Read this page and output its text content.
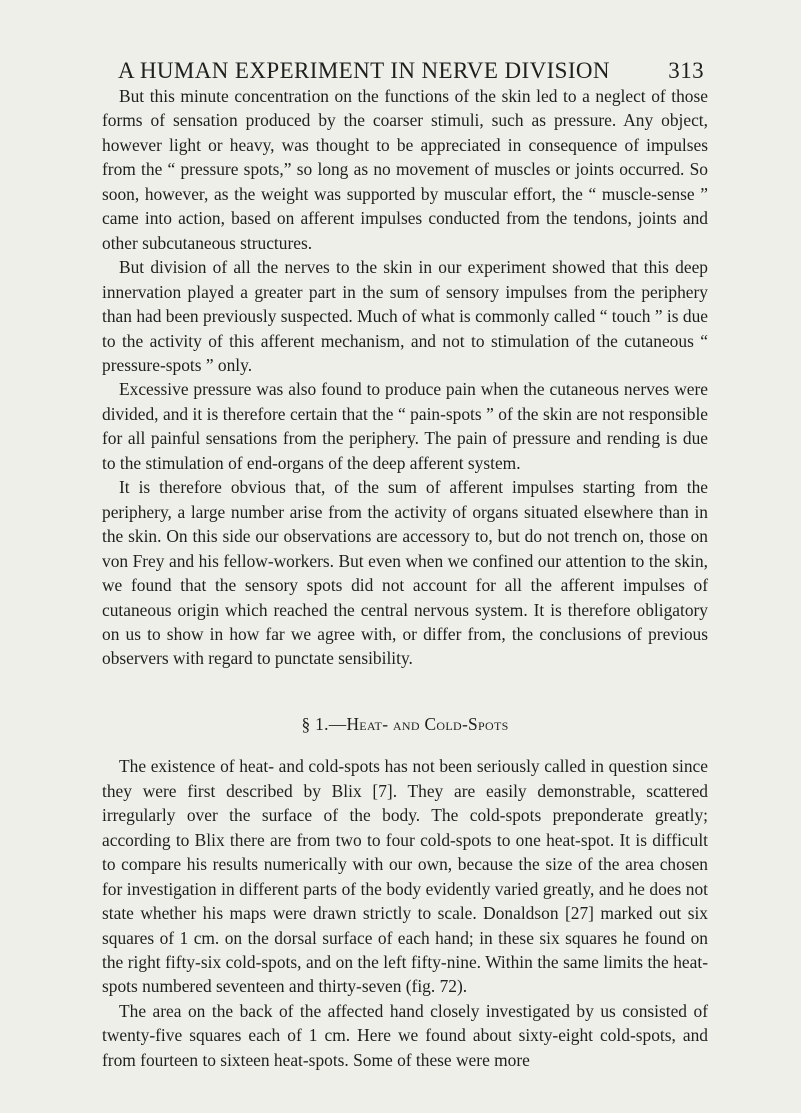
A HUMAN EXPERIMENT IN NERVE DIVISION	313

But this minute concentration on the functions of the skin led to a neglect of those forms of sensation produced by the coarser stimuli, such as pressure. Any object, however light or heavy, was thought to be appreciated in consequence of impulses from the “ pressure spots,” so long as no movement of muscles or joints occurred. So soon, however, as the weight was supported by muscular effort, the “ muscle-sense ” came into action, based on afferent impulses conducted from the tendons, joints and other subcutaneous structures.

But division of all the nerves to the skin in our experiment showed that this deep innervation played a greater part in the sum of sensory impulses from the periphery than had been previously suspected. Much of what is commonly called “ touch ” is due to the activity of this afferent mechanism, and not to stimulation of the cutaneous “ pressure-spots ” only.

Excessive pressure was also found to produce pain when the cutaneous nerves were divided, and it is therefore certain that the “ pain-spots ” of the skin are not responsible for all painful sensations from the periphery. The pain of pressure and rending is due to the stimulation of end-organs of the deep afferent system.

It is therefore obvious that, of the sum of afferent impulses starting from the periphery, a large number arise from the activity of organs situated elsewhere than in the skin. On this side our observations are accessory to, but do not trench on, those on von Frey and his fellow-workers. But even when we confined our attention to the skin, we found that the sensory spots did not account for all the afferent impulses of cutaneous origin which reached the central nervous system. It is therefore obligatory on us to show in how far we agree with, or differ from, the conclusions of previous observers with regard to punctate sensibility.

§ 1.—Heat- and Cold-Spots

The existence of heat- and cold-spots has not been seriously called in question since they were first described by Blix [7]. They are easily demonstrable, scattered irregularly over the surface of the body. The cold-spots preponderate greatly; according to Blix there are from two to four cold-spots to one heat-spot. It is difficult to compare his results numerically with our own, because the size of the area chosen for investigation in different parts of the body evidently varied greatly, and he does not state whether his maps were drawn strictly to scale. Donaldson [27] marked out six squares of 1 cm. on the dorsal surface of each hand; in these six squares he found on the right fifty-six cold-spots, and on the left fifty-nine. Within the same limits the heat-spots numbered seventeen and thirty-seven (fig. 72).

The area on the back of the affected hand closely investigated by us consisted of twenty-five squares each of 1 cm. Here we found about sixty-eight cold-spots, and from fourteen to sixteen heat-spots. Some of these were more
